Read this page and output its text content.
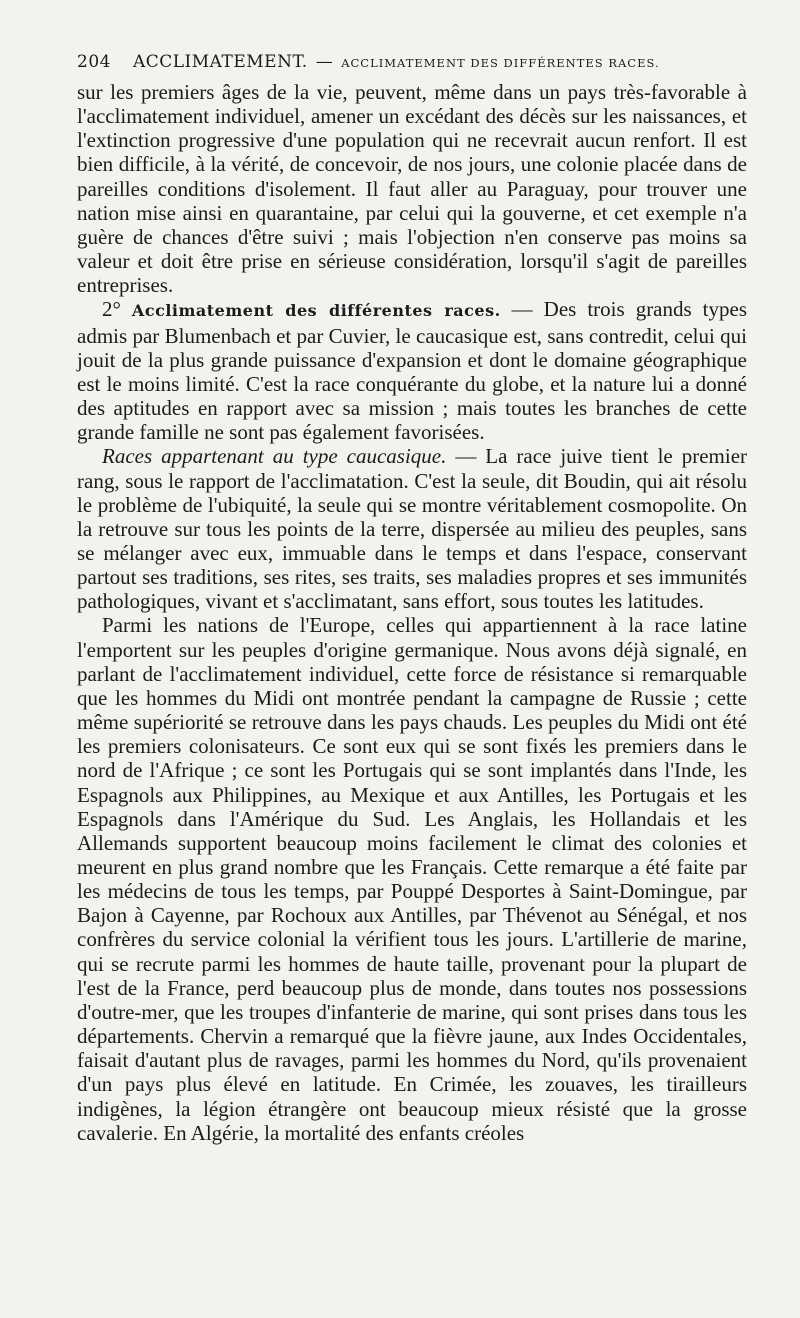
204 ACCLIMATEMENT. — ACCLIMATEMENT DES DIFFÉRENTES RACES.

sur les premiers âges de la vie, peuvent, même dans un pays très-favorable à l'acclimatement individuel, amener un excédant des décès sur les naissances, et l'extinction progressive d'une population qui ne recevrait aucun renfort. Il est bien difficile, à la vérité, de concevoir, de nos jours, une colonie placée dans de pareilles conditions d'isolement. Il faut aller au Paraguay, pour trouver une nation mise ainsi en quarantaine, par celui qui la gouverne, et cet exemple n'a guère de chances d'être suivi ; mais l'objection n'en conserve pas moins sa valeur et doit être prise en sérieuse considération, lorsqu'il s'agit de pareilles entreprises.

2° Acclimatement des différentes races. — Des trois grands types admis par Blumenbach et par Cuvier, le caucasique est, sans contredit, celui qui jouit de la plus grande puissance d'expansion et dont le domaine géographique est le moins limité. C'est la race conquérante du globe, et la nature lui a donné des aptitudes en rapport avec sa mission ; mais toutes les branches de cette grande famille ne sont pas également favorisées.

Races appartenant au type caucasique. — La race juive tient le premier rang, sous le rapport de l'acclimatation. C'est la seule, dit Boudin, qui ait résolu le problème de l'ubiquité, la seule qui se montre véritablement cosmopolite. On la retrouve sur tous les points de la terre, dispersée au milieu des peuples, sans se mélanger avec eux, immuable dans le temps et dans l'espace, conservant partout ses traditions, ses rites, ses traits, ses maladies propres et ses immunités pathologiques, vivant et s'acclimatant, sans effort, sous toutes les latitudes.

Parmi les nations de l'Europe, celles qui appartiennent à la race latine l'emportent sur les peuples d'origine germanique. Nous avons déjà signalé, en parlant de l'acclimatement individuel, cette force de résistance si remarquable que les hommes du Midi ont montrée pendant la campagne de Russie ; cette même supériorité se retrouve dans les pays chauds. Les peuples du Midi ont été les premiers colonisateurs. Ce sont eux qui se sont fixés les premiers dans le nord de l'Afrique ; ce sont les Portugais qui se sont implantés dans l'Inde, les Espagnols aux Philippines, au Mexique et aux Antilles, les Portugais et les Espagnols dans l'Amérique du Sud. Les Anglais, les Hollandais et les Allemands supportent beaucoup moins facilement le climat des colonies et meurent en plus grand nombre que les Français. Cette remarque a été faite par les médecins de tous les temps, par Pouppé Desportes à Saint-Domingue, par Bajon à Cayenne, par Rochoux aux Antilles, par Thévenot au Sénégal, et nos confrères du service colonial la vérifient tous les jours. L'artillerie de marine, qui se recrute parmi les hommes de haute taille, provenant pour la plupart de l'est de la France, perd beaucoup plus de monde, dans toutes nos possessions d'outre-mer, que les troupes d'infanterie de marine, qui sont prises dans tous les départements. Chervin a remarqué que la fièvre jaune, aux Indes Occidentales, faisait d'autant plus de ravages, parmi les hommes du Nord, qu'ils provenaient d'un pays plus élevé en latitude. En Crimée, les zouaves, les tirailleurs indigènes, la légion étrangère ont beaucoup mieux résisté que la grosse cavalerie. En Algérie, la mortalité des enfants créoles
